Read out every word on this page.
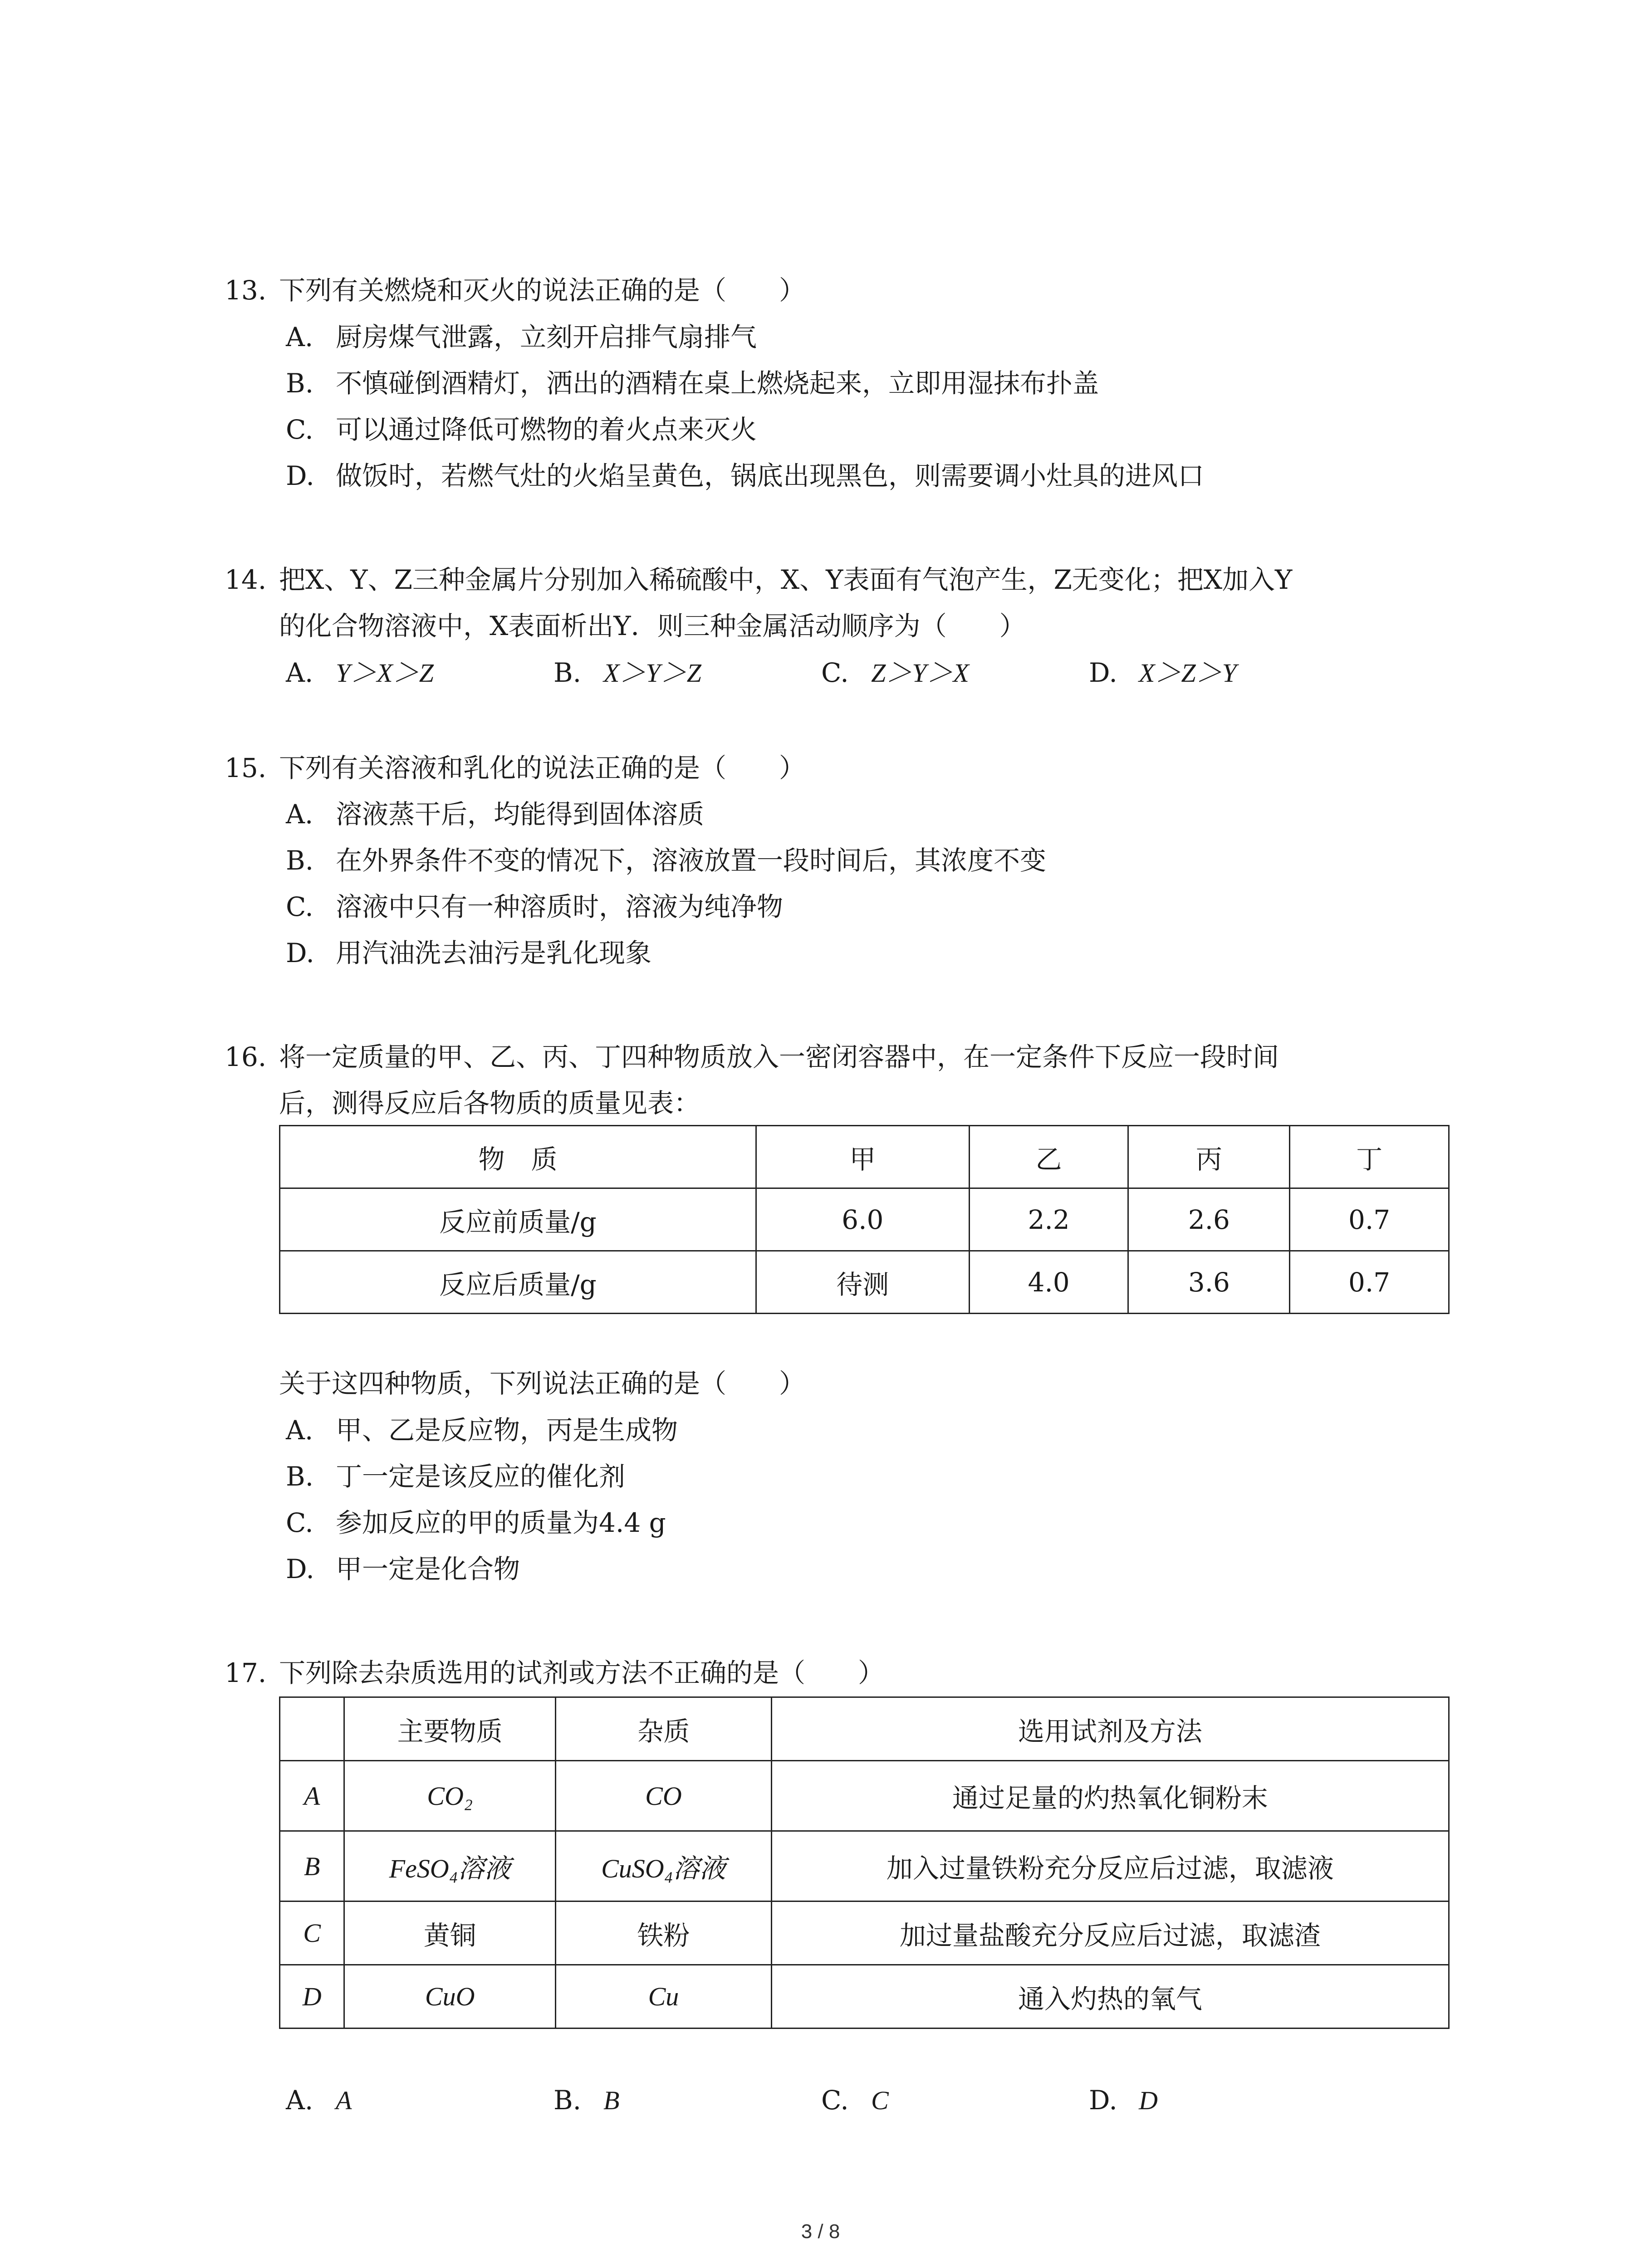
13. 下列有关燃烧和灭火的说法正确的是（　　）
A. 厨房煤气泄露，立刻开启排气扇排气
B. 不慎碰倒酒精灯，洒出的酒精在桌上燃烧起来，立即用湿抹布扑盖
C. 可以通过降低可燃物的着火点来灭火
D. 做饭时，若燃气灶的火焰呈黄色，锅底出现黑色，则需要调小灶具的进风口
14. 把X、Y、Z三种金属片分别加入稀硫酸中，X、Y表面有气泡产生，Z无变化；把X加入Y
的化合物溶液中，X表面析出Y．则三种金属活动顺序为（　　）
A. Y＞X＞Z	B. X＞Y＞Z	C. Z＞Y＞X	D. X＞Z＞Y
15. 下列有关溶液和乳化的说法正确的是（　　）
A. 溶液蒸干后，均能得到固体溶质
B. 在外界条件不变的情况下，溶液放置一段时间后，其浓度不变
C. 溶液中只有一种溶质时，溶液为纯净物
D. 用汽油洗去油污是乳化现象
16. 将一定质量的甲、乙、丙、丁四种物质放入一密闭容器中，在一定条件下反应一段时间
后，测得反应后各物质的质量见表：
物　质	甲	乙	丙	丁
反应前质量/g	6.0	2.2	2.6	0.7
反应后质量/g	待测	4.0	3.6	0.7
关于这四种物质，下列说法正确的是（　　）
A. 甲、乙是反应物，丙是生成物
B. 丁一定是该反应的催化剂
C. 参加反应的甲的质量为4.4 g
D. 甲一定是化合物
17. 下列除去杂质选用的试剂或方法不正确的是（　　）
	主要物质	杂质	选用试剂及方法
A	CO₂	CO	通过足量的灼热氧化铜粉末
B	FeSO₄溶液	CuSO₄溶液	加入过量铁粉充分反应后过滤，取滤液
C	黄铜	铁粉	加过量盐酸充分反应后过滤，取滤渣
D	CuO	Cu	通入灼热的氧气
A. A	B. B	C. C	D. D
3 / 8
